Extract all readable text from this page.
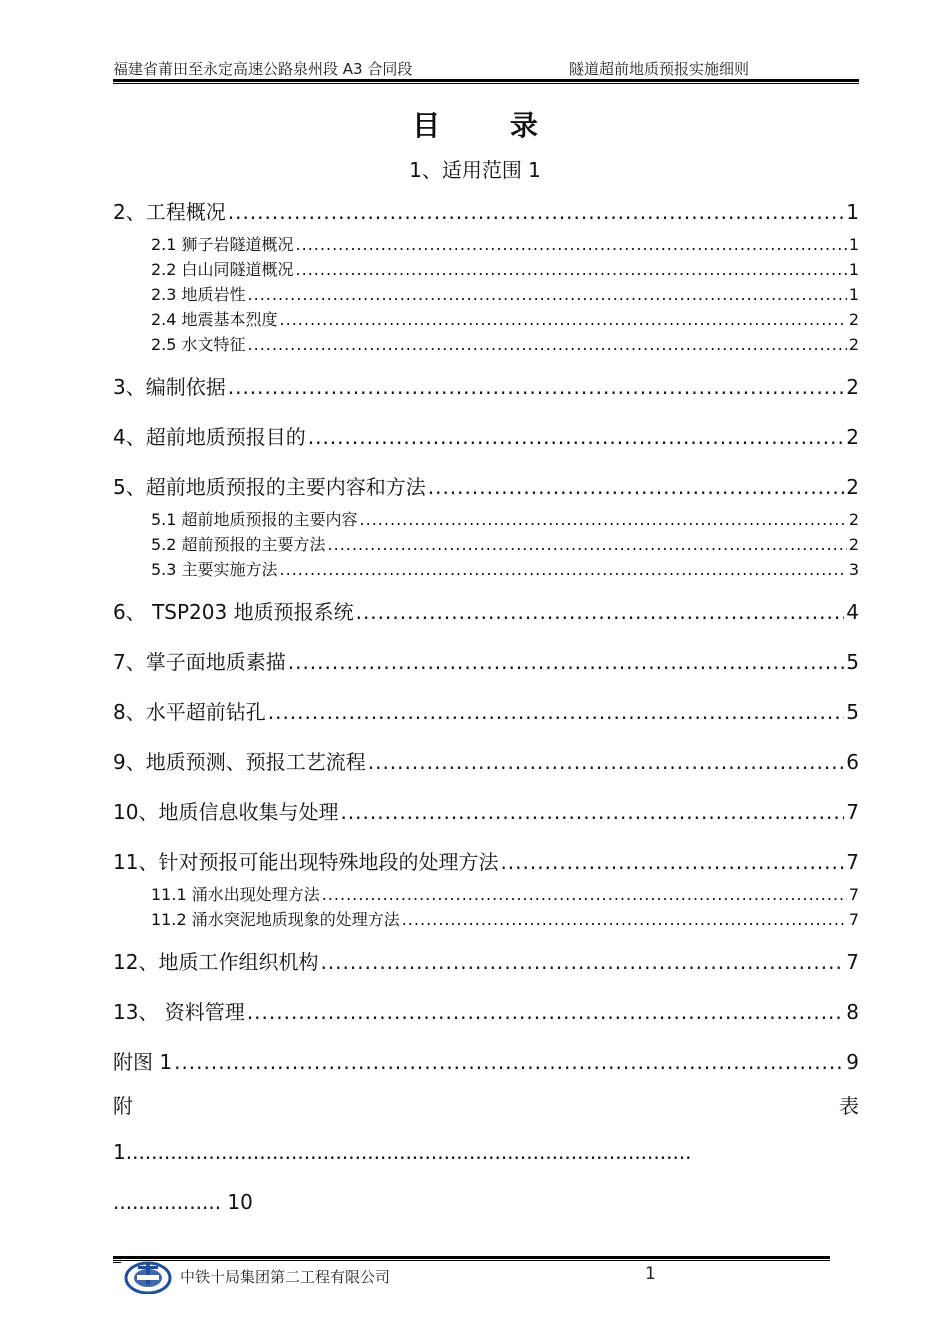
福建省莆田至永定高速公路泉州段 A3 合同段	隧道超前地质预报实施细则
目 录
1、适用范围 1
2、工程概况 .....	1
2.1 狮子岩隧道概况 .....	1
2.2 白山同隧道概况 .....	1
2.3 地质岩性 .....	1
2.4 地震基本烈度 .....	2
2.5 水文特征 .....	2
3、编制依据 .....	2
4、超前地质预报目的 .....	2
5、超前地质预报的主要内容和方法 .....	2
5.1 超前地质预报的主要内容 .....	2
5.2 超前预报的主要方法 .....	2
5.3 主要实施方法 .....	3
6、 TSP203 地质预报系统 .....	4
7、掌子面地质素描 .....	5
8、水平超前钻孔 .....	5
9、地质预测、预报工艺流程 .....	6
10、地质信息收集与处理 .....	7
11、针对预报可能出现特殊地段的处理方法 .....	7
11.1 涌水出现处理方法 .....	7
11.2 涌水突泥地质现象的处理方法 .....	7
12、地质工作组织机构 .....	7
13、 资料管理 .....	8
附图 1 .....	9
附	表
1.........................................................................................
................. 10
中铁十局集团第二工程有限公司	1
